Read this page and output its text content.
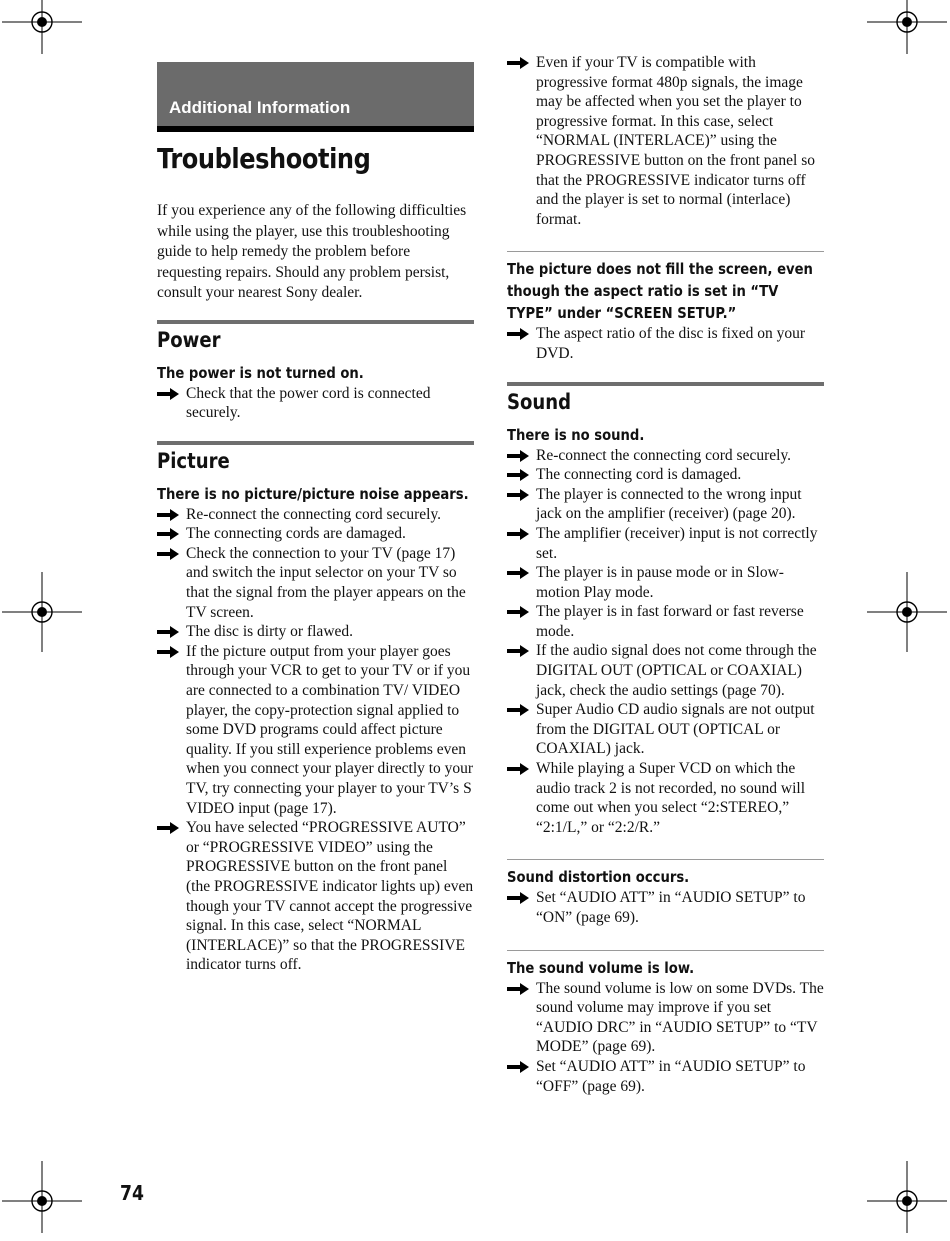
Additional Information
Troubleshooting

If you experience any of the following difficulties while using the player, use this troubleshooting guide to help remedy the problem before requesting repairs. Should any problem persist, consult your nearest Sony dealer.

Power
The power is not turned on.
Check that the power cord is connected securely.
Picture
There is no picture/picture noise appears.
Re-connect the connecting cord securely.
The connecting cords are damaged.
Check the connection to your TV (page 17) and switch the input selector on your TV so that the signal from the player appears on the TV screen.
The disc is dirty or flawed.
If the picture output from your player goes through your VCR to get to your TV or if you are connected to a combination TV/ VIDEO player, the copy-protection signal applied to some DVD programs could affect picture quality. If you still experience problems even when you connect your player directly to your TV, try connecting your player to your TV’s S VIDEO input (page 17).
You have selected “PROGRESSIVE AUTO” or “PROGRESSIVE VIDEO” using the PROGRESSIVE button on the front panel (the PROGRESSIVE indicator lights up) even though your TV cannot accept the progressive signal. In this case, select “NORMAL (INTERLACE)” so that the PROGRESSIVE indicator turns off.
Even if your TV is compatible with progressive format 480p signals, the image may be affected when you set the player to progressive format. In this case, select “NORMAL (INTERLACE)” using the PROGRESSIVE button on the front panel so that the PROGRESSIVE indicator turns off and the player is set to normal (interlace) format.
The picture does not fill the screen, even though the aspect ratio is set in “TV TYPE” under “SCREEN SETUP.”
The aspect ratio of the disc is fixed on your DVD.
Sound
There is no sound.
Re-connect the connecting cord securely.
The connecting cord is damaged.
The player is connected to the wrong input jack on the amplifier (receiver) (page 20).
The amplifier (receiver) input is not correctly set.
The player is in pause mode or in Slow-motion Play mode.
The player is in fast forward or fast reverse mode.
If the audio signal does not come through the DIGITAL OUT (OPTICAL or COAXIAL) jack, check the audio settings (page 70).
Super Audio CD audio signals are not output from the DIGITAL OUT (OPTICAL or COAXIAL) jack.
While playing a Super VCD on which the audio track 2 is not recorded, no sound will come out when you select “2:STEREO,” “2:1/L,” or “2:2/R.”
Sound distortion occurs.
Set “AUDIO ATT” in “AUDIO SETUP” to “ON” (page 69).
The sound volume is low.
The sound volume is low on some DVDs. The sound volume may improve if you set “AUDIO DRC” in “AUDIO SETUP” to “TV MODE” (page 69).
Set “AUDIO ATT” in “AUDIO SETUP” to “OFF” (page 69).
74
